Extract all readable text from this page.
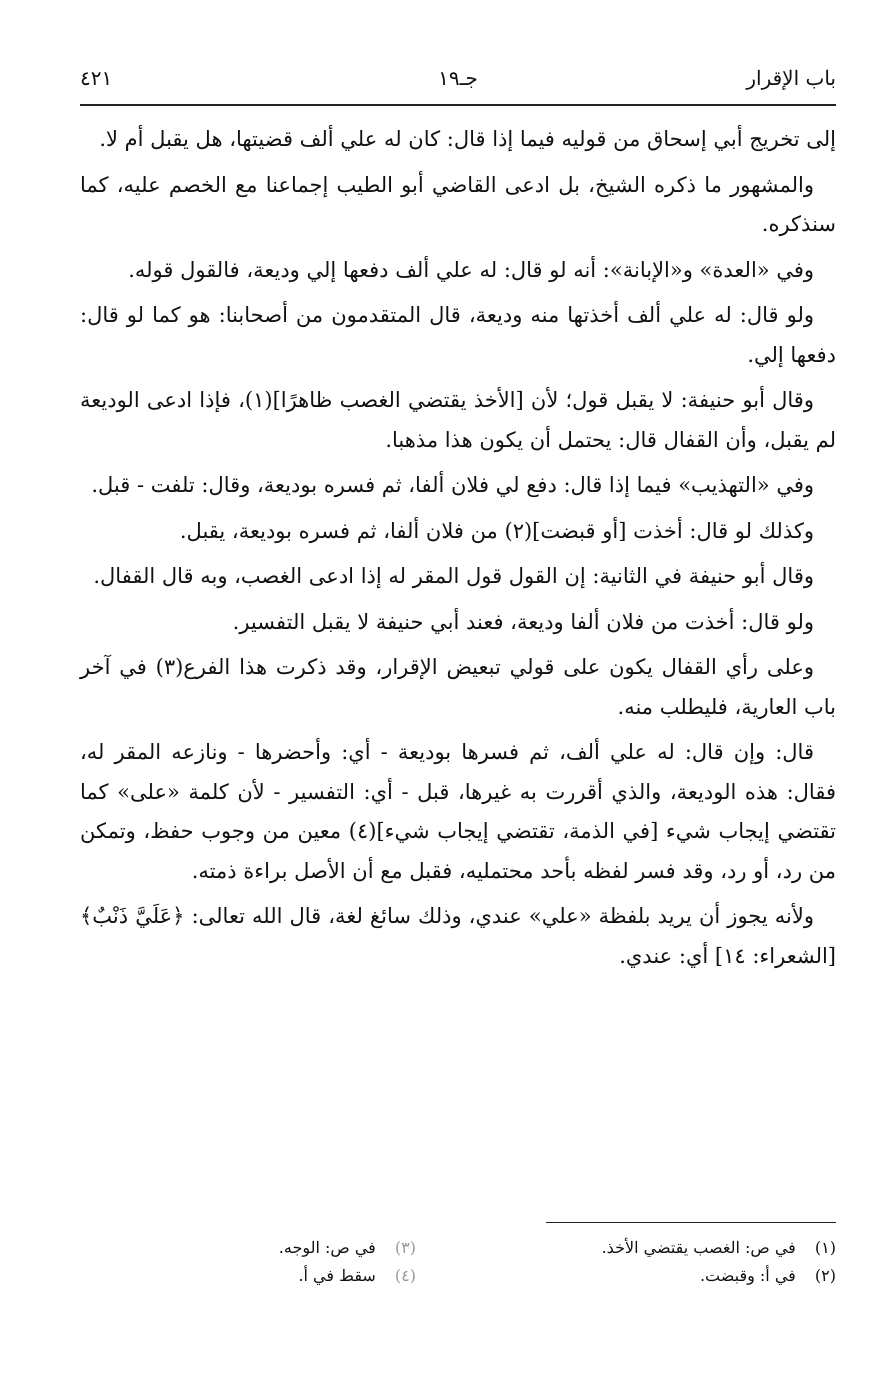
باب الإقرار
جـ١٩
٤٢١

إلى تخريج أبي إسحاق من قوليه فيما إذا قال: كان له علي ألف قضيتها، هل يقبل أم لا.

والمشهور ما ذكره الشيخ، بل ادعى القاضي أبو الطيب إجماعنا مع الخصم عليه، كما سنذكره.

وفي «العدة» و«الإبانة»: أنه لو قال: له علي ألف دفعها إلي وديعة، فالقول قوله.

ولو قال: له علي ألف أخذتها منه وديعة، قال المتقدمون من أصحابنا: هو كما لو قال: دفعها إلي.

وقال أبو حنيفة: لا يقبل قول؛ لأن [الأخذ يقتضي الغصب ظاهرًا](١)، فإذا ادعى الوديعة لم يقبل، وأن القفال قال: يحتمل أن يكون هذا مذهبا.

وفي «التهذيب» فيما إذا قال: دفع لي فلان ألفا، ثم فسره بوديعة، وقال: تلفت - قبل.

وكذلك لو قال: أخذت [أو قبضت](٢) من فلان ألفا، ثم فسره بوديعة، يقبل.

وقال أبو حنيفة في الثانية: إن القول قول المقر له إذا ادعى الغصب، وبه قال القفال.

ولو قال: أخذت من فلان ألفا وديعة، فعند أبي حنيفة لا يقبل التفسير.

وعلى رأي القفال يكون على قولي تبعيض الإقرار، وقد ذكرت هذا الفرع(٣) في آخر باب العارية، فليطلب منه.

قال: وإن قال: له علي ألف، ثم فسرها بوديعة - أي: وأحضرها - ونازعه المقر له، فقال: هذه الوديعة، والذي أقررت به غيرها، قبل - أي: التفسير - لأن كلمة «على» كما تقتضي إيجاب شيء [في الذمة، تقتضي إيجاب شيء](٤) معين من وجوب حفظ، وتمكن من رد، أو رد، وقد فسر لفظه بأحد محتمليه، فقبل مع أن الأصل براءة ذمته.

ولأنه يجوز أن يريد بلفظة «علي» عندي، وذلك سائغ لغة، قال الله تعالى: ﴿عَلَيَّ ذَنْبٌ﴾ [الشعراء: ١٤] أي: عندي.

(١) في ص: الغصب يقتضي الأخذ.
(٢) في أ: وقبضت.
(٣) في ص: الوجه.
(٤) سقط في أ.
